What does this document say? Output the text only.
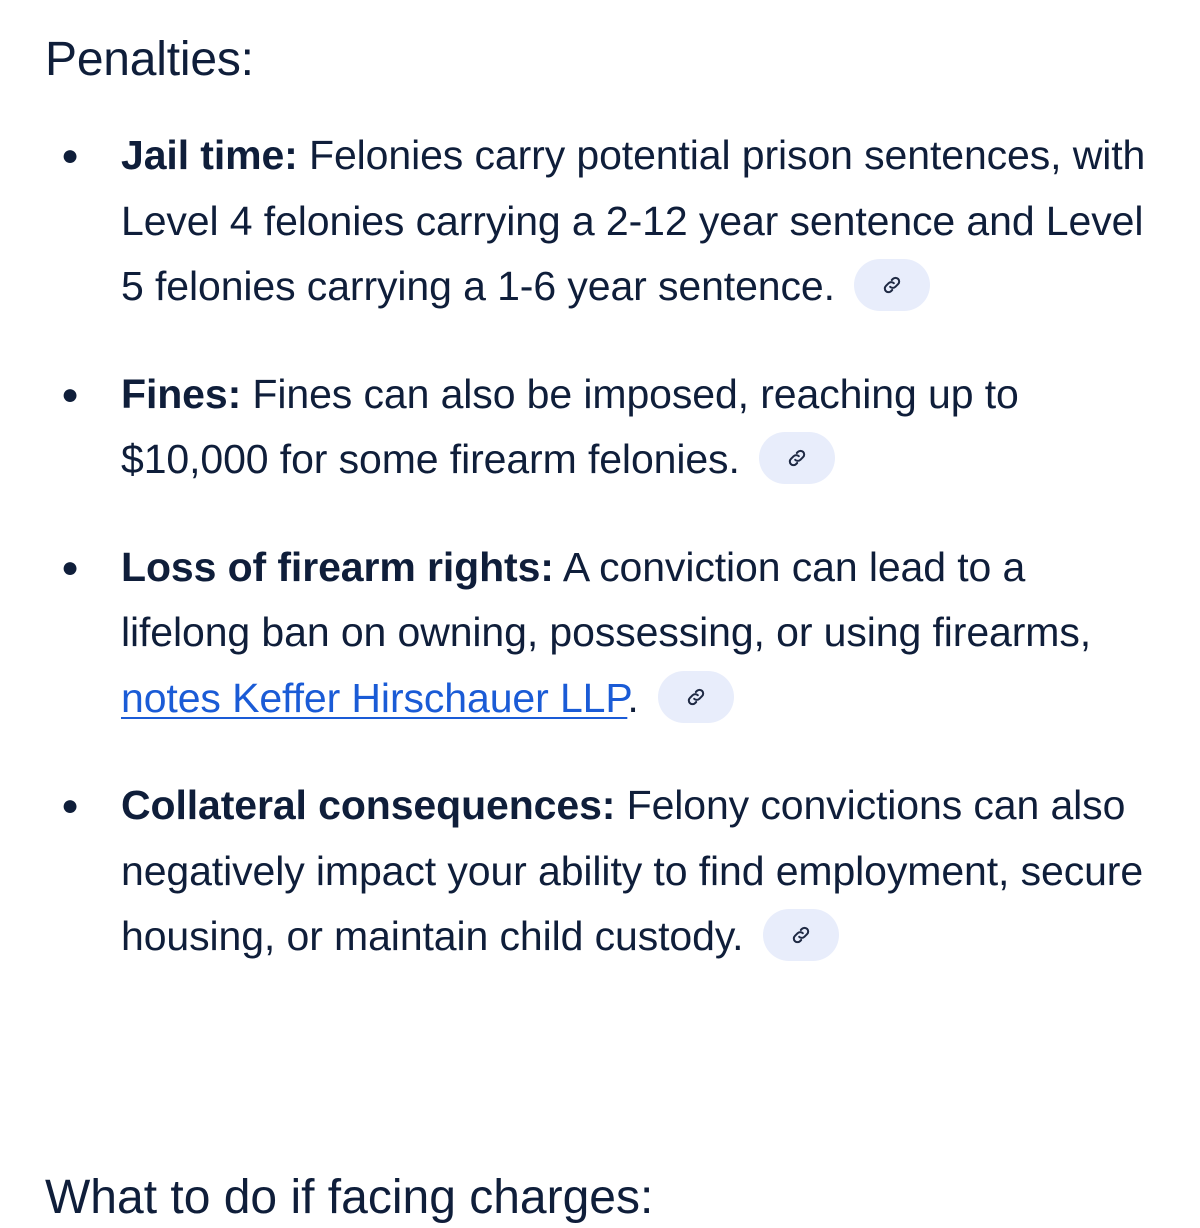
Penalties:
● Jail time: Felonies carry potential prison sentences, with Level 4 felonies carrying a 2-12 year sentence and Level 5 felonies carrying a 1-6 year sentence.
● Fines: Fines can also be imposed, reaching up to $10,000 for some firearm felonies.
● Loss of firearm rights: A conviction can lead to a lifelong ban on owning, possessing, or using firearms, notes Keffer Hirschauer LLP.
● Collateral consequences: Felony convictions can also negatively impact your ability to find employment, secure housing, or maintain child custody.
What to do if facing charges:
